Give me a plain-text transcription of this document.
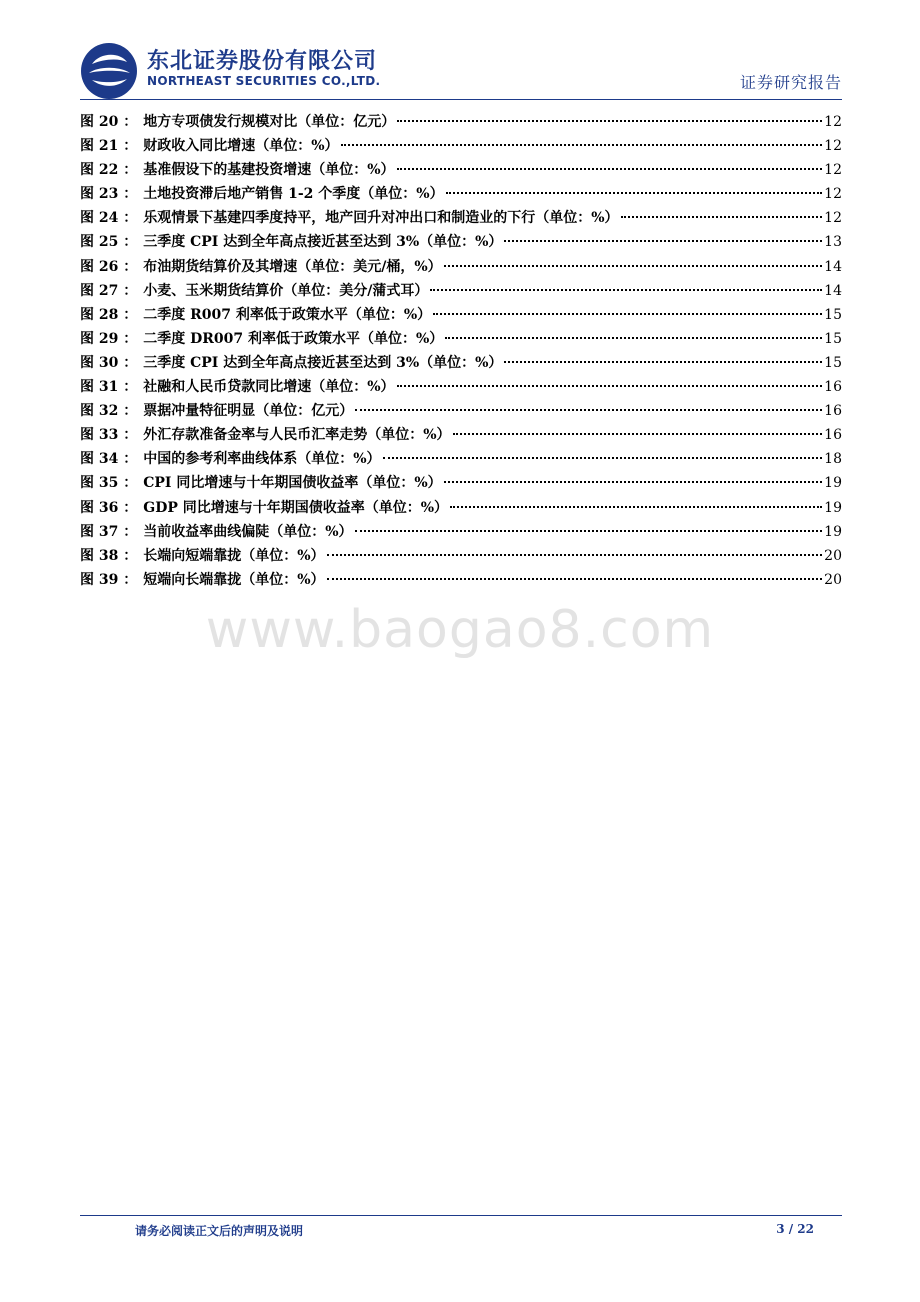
东北证券股份有限公司
NORTHEAST SECURITIES CO.,LTD.	证券研究报告
图 20 ： 地方专项债发行规模对比（单位：亿元）	12
图 21 ： 财政收入同比增速（单位：%）	12
图 22 ： 基准假设下的基建投资增速（单位：%）	12
图 23 ： 土地投资滞后地产销售 1-2 个季度（单位：%）	12
图 24 ： 乐观情景下基建四季度持平，地产回升对冲出口和制造业的下行（单位：%）	12
图 25 ： 三季度 CPI 达到全年高点接近甚至达到 3%（单位：%）	13
图 26 ： 布油期货结算价及其增速（单位：美元/桶，%）	14
图 27 ： 小麦、玉米期货结算价（单位：美分/蒲式耳）	14
图 28 ： 二季度 R007 利率低于政策水平（单位：%）	15
图 29 ： 二季度 DR007 利率低于政策水平（单位：%）	15
图 30 ： 三季度 CPI 达到全年高点接近甚至达到 3%（单位：%）	15
图 31 ： 社融和人民币贷款同比增速（单位：%）	16
图 32 ： 票据冲量特征明显（单位：亿元）	16
图 33 ： 外汇存款准备金率与人民币汇率走势（单位：%）	16
图 34 ： 中国的参考利率曲线体系（单位：%）	18
图 35 ： CPI 同比增速与十年期国债收益率（单位：%）	19
图 36 ： GDP 同比增速与十年期国债收益率（单位：%）	19
图 37 ： 当前收益率曲线偏陡（单位：%）	19
图 38 ： 长端向短端靠拢（单位：%）	20
图 39 ： 短端向长端靠拢（单位：%）	20
www.baogao8.com
请务必阅读正文后的声明及说明	3 / 22
